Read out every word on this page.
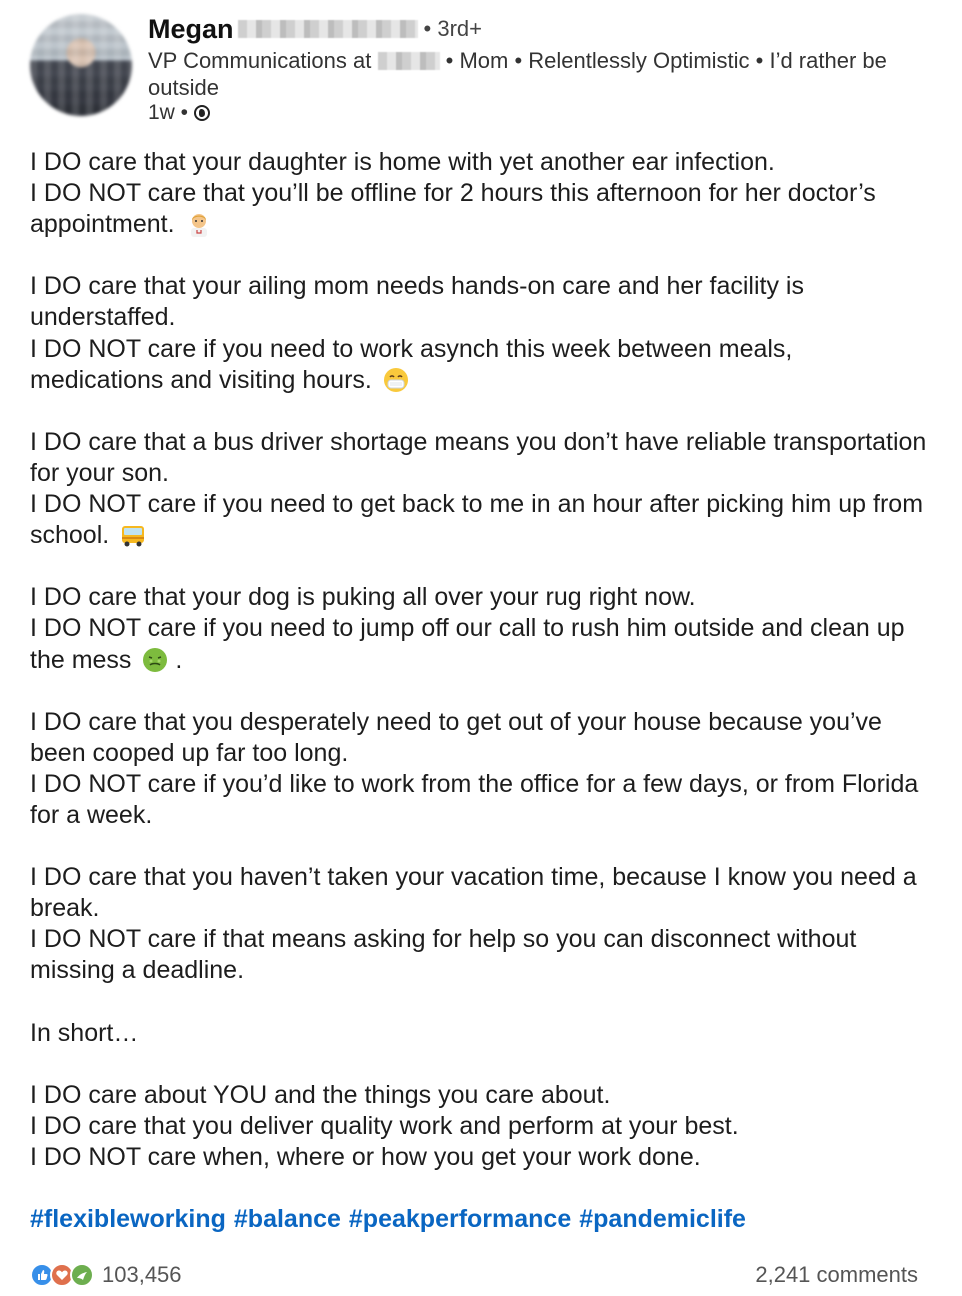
Megan	• 3rd+
VP Communications at	• Mom • Relentlessly Optimistic • I’d rather be outside
1w •
I DO care that your daughter is home with yet another ear infection.
I DO NOT care that you’ll be offline for 2 hours this afternoon for her doctor’s appointment.
I DO care that your ailing mom needs hands-on care and her facility is understaffed.
I DO NOT care if you need to work asynch this week between meals, medications and visiting hours.
I DO care that a bus driver shortage means you don’t have reliable transportation for your son.
I DO NOT care if you need to get back to me in an hour after picking him up from school.
I DO care that your dog is puking all over your rug right now.
I DO NOT care if you need to jump off our call to rush him outside and clean up the mess  .
I DO care that you desperately need to get out of your house because you’ve been cooped up far too long.
I DO NOT care if you’d like to work from the office for a few days, or from Florida for a week.
I DO care that you haven’t taken your vacation time, because I know you need a break.
I DO NOT care if that means asking for help so you can disconnect without missing a deadline.
In short…
I DO care about YOU and the things you care about.
I DO care that you deliver quality work and perform at your best.
I DO NOT care when, where or how you get your work done.
#flexibleworking #balance #peakperformance #pandemiclife
103,456	2,241 comments
